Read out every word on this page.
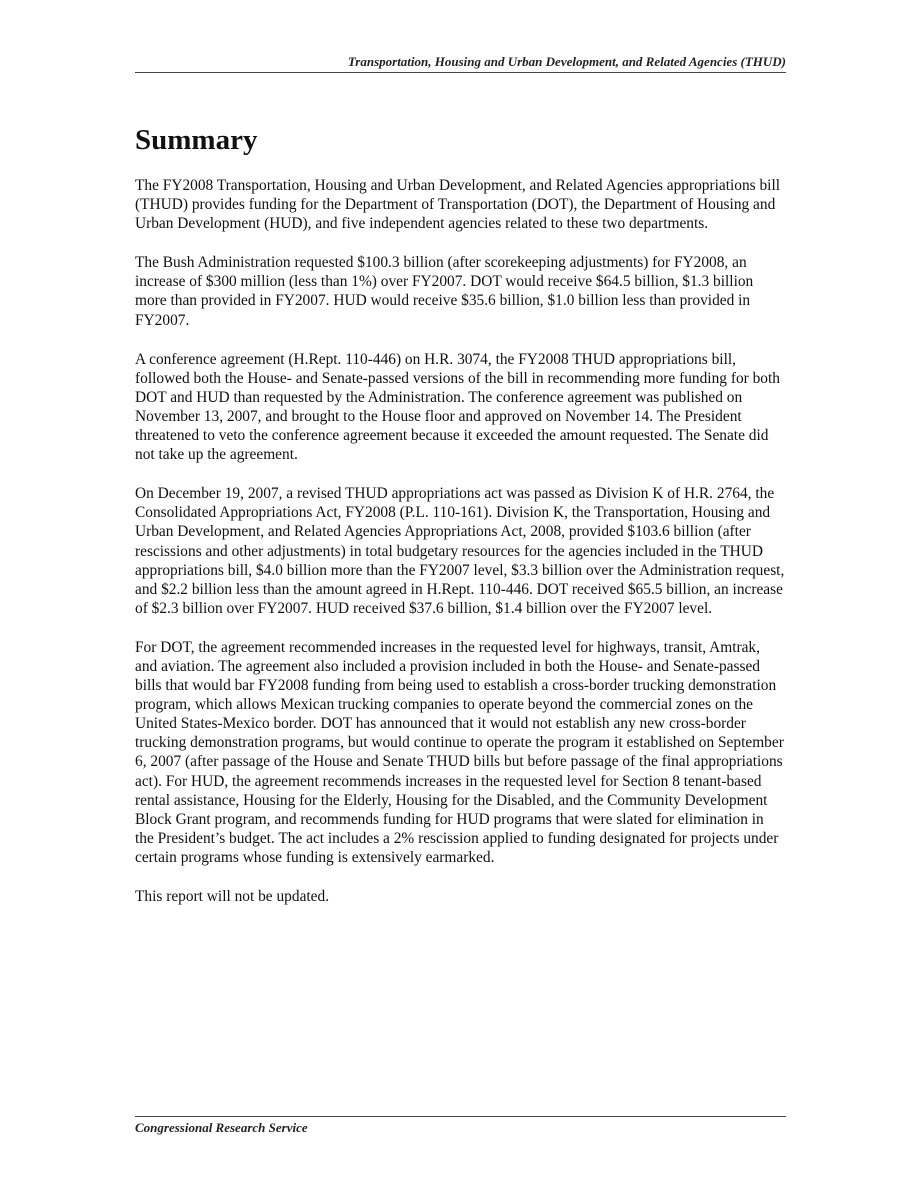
Transportation, Housing and Urban Development, and Related Agencies (THUD)
Summary

The FY2008 Transportation, Housing and Urban Development, and Related Agencies appropriations bill (THUD) provides funding for the Department of Transportation (DOT), the Department of Housing and Urban Development (HUD), and five independent agencies related to these two departments.

The Bush Administration requested $100.3 billion (after scorekeeping adjustments) for FY2008, an increase of $300 million (less than 1%) over FY2007. DOT would receive $64.5 billion, $1.3 billion more than provided in FY2007. HUD would receive $35.6 billion, $1.0 billion less than provided in FY2007.

A conference agreement (H.Rept. 110-446) on H.R. 3074, the FY2008 THUD appropriations bill, followed both the House- and Senate-passed versions of the bill in recommending more funding for both DOT and HUD than requested by the Administration. The conference agreement was published on November 13, 2007, and brought to the House floor and approved on November 14. The President threatened to veto the conference agreement because it exceeded the amount requested. The Senate did not take up the agreement.

On December 19, 2007, a revised THUD appropriations act was passed as Division K of H.R. 2764, the Consolidated Appropriations Act, FY2008 (P.L. 110-161). Division K, the Transportation, Housing and Urban Development, and Related Agencies Appropriations Act, 2008, provided $103.6 billion (after rescissions and other adjustments) in total budgetary resources for the agencies included in the THUD appropriations bill, $4.0 billion more than the FY2007 level, $3.3 billion over the Administration request, and $2.2 billion less than the amount agreed in H.Rept. 110-446. DOT received $65.5 billion, an increase of $2.3 billion over FY2007. HUD received $37.6 billion, $1.4 billion over the FY2007 level.

For DOT, the agreement recommended increases in the requested level for highways, transit, Amtrak, and aviation. The agreement also included a provision included in both the House- and Senate-passed bills that would bar FY2008 funding from being used to establish a cross-border trucking demonstration program, which allows Mexican trucking companies to operate beyond the commercial zones on the United States-Mexico border. DOT has announced that it would not establish any new cross-border trucking demonstration programs, but would continue to operate the program it established on September 6, 2007 (after passage of the House and Senate THUD bills but before passage of the final appropriations act). For HUD, the agreement recommends increases in the requested level for Section 8 tenant-based rental assistance, Housing for the Elderly, Housing for the Disabled, and the Community Development Block Grant program, and recommends funding for HUD programs that were slated for elimination in the President’s budget. The act includes a 2% rescission applied to funding designated for projects under certain programs whose funding is extensively earmarked.

This report will not be updated.

Congressional Research Service
